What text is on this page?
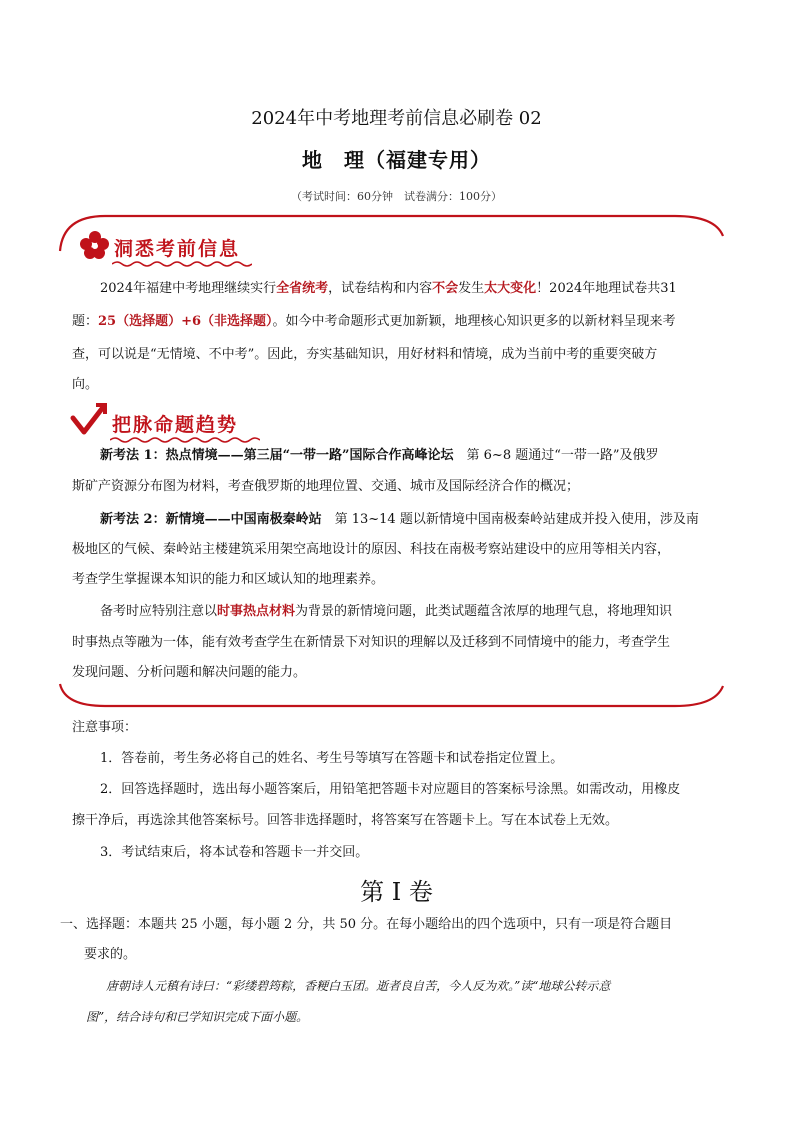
2024年中考地理考前信息必刷卷 02
地　理（福建专用）
（考试时间：60分钟　试卷满分：100分）
洞悉考前信息
2024年福建中考地理继续实行全省统考，试卷结构和内容不会发生太大变化！2024年地理试卷共31
题：25（选择题）+6（非选择题）。如今中考命题形式更加新颖，地理核心知识更多的以新材料呈现来考
查，可以说是“无情境、不中考”。因此，夯实基础知识，用好材料和情境，成为当前中考的重要突破方
向。
把脉命题趋势
新考法 1：热点情境——第三届“一带一路”国际合作高峰论坛　第 6~8 题通过“一带一路”及俄罗
斯矿产资源分布图为材料，考查俄罗斯的地理位置、交通、城市及国际经济合作的概况；
新考法 2：新情境——中国南极秦岭站　第 13~14 题以新情境中国南极秦岭站建成并投入使用，涉及南
极地区的气候、秦岭站主楼建筑采用架空高地设计的原因、科技在南极考察站建设中的应用等相关内容，
考查学生掌握课本知识的能力和区域认知的地理素养。
备考时应特别注意以时事热点材料为背景的新情境问题，此类试题蕴含浓厚的地理气息，将地理知识
时事热点等融为一体，能有效考查学生在新情景下对知识的理解以及迁移到不同情境中的能力，考查学生
发现问题、分析问题和解决问题的能力。
注意事项：
1．答卷前，考生务必将自己的姓名、考生号等填写在答题卡和试卷指定位置上。
2．回答选择题时，选出每小题答案后，用铅笔把答题卡对应题目的答案标号涂黑。如需改动，用橡皮
擦干净后，再选涂其他答案标号。回答非选择题时，将答案写在答题卡上。写在本试卷上无效。
3．考试结束后，将本试卷和答题卡一并交回。
第 I 卷
一、选择题：本题共 25 小题，每小题 2 分，共 50 分。在每小题给出的四个选项中，只有一项是符合题目
要求的。
唐朝诗人元稹有诗曰：“彩缕碧筠粽，香粳白玉团。逝者良自苦，今人反为欢。”读“地球公转示意
图”，结合诗句和已学知识完成下面小题。
